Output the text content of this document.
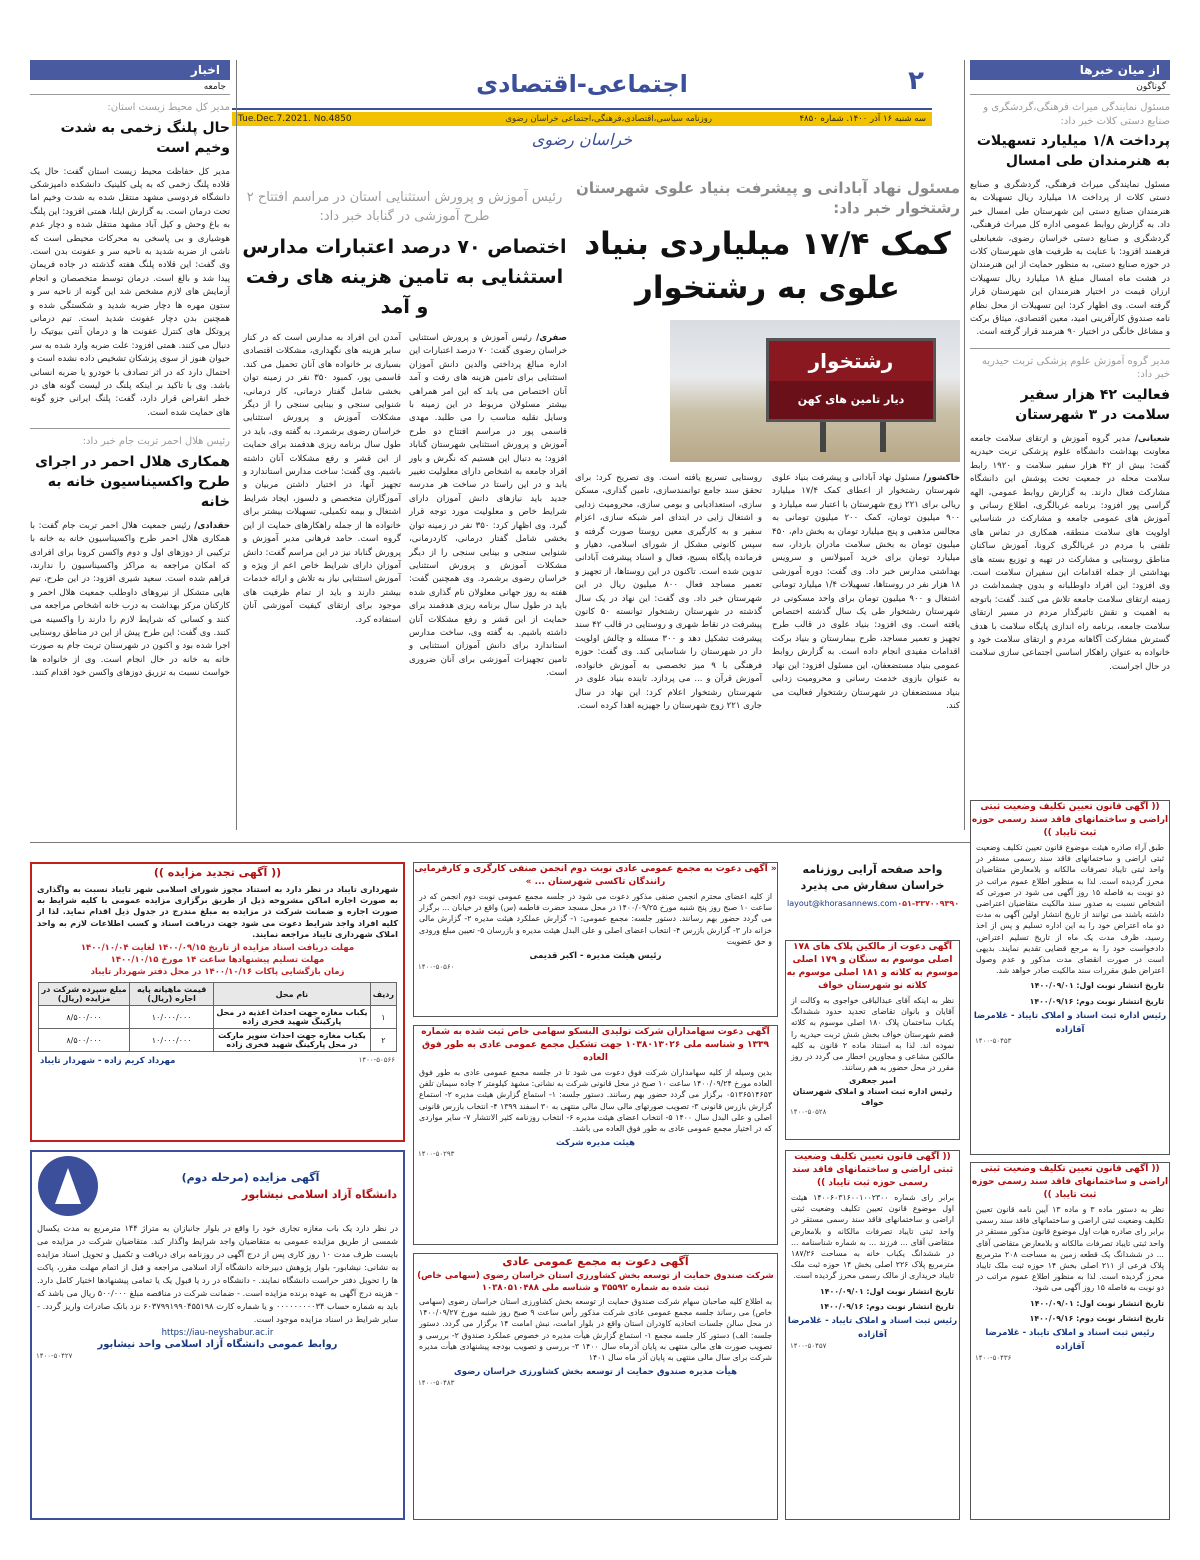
۲
اجتماعی-اقتصادی
سه شنبه ۱۶ آذر ۱۴۰۰. شماره ۴۸۵۰
روزنامه سیاسی،اقتصادی،فرهنگی،اجتماعی خراسان رضوی
Tue.Dec.7.2021. No.4850
خراسان رضوی
از میان خبر‌ها
گوناگون
مسئول نمایندگی میراث فرهنگی،گردشگری و صنایع دستی کلات خبر داد:
پرداخت ۱/۸ میلیارد تسهیلات به هنرمندان طی امسال
مسئول نمایندگی میراث فرهنگی، گردشگری و صنایع دستی کلات از پرداخت ۱۸ میلیارد ریال تسهیلات به هنرمندان صنایع دستی این شهرستان طی امسال خبر داد. به گزارش روابط عمومی اداره کل میراث فرهنگی، گردشگری و صنایع دستی خراسان رضوی، شعبانعلی فرهمند افزود: با عنایت به ظرفیت های شهرستان کلات در حوزه صنایع دستی، به منظور حمایت از این هنرمندان در هشت ماه امسال مبلغ ۱۸ میلیارد ریال تسهیلات ارزان قیمت در اختیار هنرمندان این شهرستان قرار گرفته است. وی اظهار کرد: این تسهیلات از محل نظام نامه صندوق کارآفرینی امید، معین اقتصادی، میثاق برکت و مشاغل خانگی در اختیار ۹۰ هنرمند قرار گرفته است.
مدیر گروه آموزش علوم پزشکی تربت حیدریه خبر داد:
فعالیت ۴۲ هزار سفیر سلامت در ۳ شهرستان
شعبانی/ مدیر گروه آموزش و ارتقای سلامت جامعه معاونت بهداشت دانشگاه علوم پزشکی تربت حیدریه گفت: بیش از ۴۲ هزار سفیر سلامت و ۱۹۲۰ رابط سلامت محله در جمعیت تحت پوشش این دانشگاه مشارکت فعال دارند. به گزارش روابط عمومی، الهه گراسی پور افزود: برنامه غربالگری، اطلاع رسانی و آموزش های عمومی جامعه و مشارکت در شناسایی اولویت های سلامت منطقه، همکاری در تماس های تلفنی با مردم در غربالگری کرونا، آموزش ساکنان مناطق روستایی و مشارکت در تهیه و توزیع بسته های بهداشتی از جمله اقدامات این سفیران سلامت است. وی افزود: این افراد داوطلبانه و بدون چشمداشت در زمینه ارتقای سلامت جامعه تلاش می کنند. گفت: باتوجه به اهمیت و نقش تاثیرگذار مردم در مسیر ارتقای سلامت جامعه، برنامه راه اندازی پایگاه سلامت با هدف گسترش مشارکت آگاهانه مردم و ارتقای سلامت خود و خانواده به عنوان راهکار اساسی اجتماعی سازی سلامت در حال اجراست.
مسئول نهاد آبادانی و پیشرفت بنیاد علوی شهرستان رشتخوار خبر داد:
کمک ۱۷/۴ میلیاردی بنیاد علوی به رشتخوار
رشتخوار
دیار تامین های کهن
خاکشور/ مسئول نهاد آبادانی و پیشرفت بنیاد علوی شهرستان رشتخوار از اعطای کمک ۱۷/۴ میلیارد ریالی برای ۲۲۱ زوج شهرستان با اعتبار سه میلیارد و ۹۰۰ میلیون تومان، کمک ۲۰۰ میلیون تومانی به مجالس مذهبی و پنج میلیارد تومان به بخش دام، ۴۵۰ میلیون تومان به بخش سلامت مادران باردار، سه میلیارد تومان برای خرید آمبولانس و سرویس بهداشتی مدارس خبر داد. وی گفت: دوره آموزشی ۱۸ هزار نفر در روستاها، تسهیلات ۱/۴ میلیارد تومانی اشتغال و ۹۰۰ میلیون تومان برای واحد مسکونی در شهرستان رشتخوار طی یک سال گذشته اختصاص یافته است. وی افزود: بنیاد علوی در قالب طرح تجهیز و تعمیر مساجد، طرح بیمارستان و بنیاد برکت اقدامات مفیدی انجام داده است. به گزارش روابط عمومی بنیاد مستضعفان، این مسئول افزود: این نهاد به عنوان بازوی خدمت رسانی و محرومیت زدایی بنیاد مستضعفان در شهرستان رشتخوار فعالیت می کند.
روستایی تسریع یافته است. وی تصریح کرد: برای تحقق سند جامع توانمندسازی، تامین گذاری، مسکن سازی، استعدادیابی و بومی سازی، محرومیت زدایی و اشتغال زایی در ابتدای امر شبکه سازی، اعزام سفیر و به کارگیری معین روستا صورت گرفته و سپس کانونی مشکل از شورای اسلامی، دهیار و فرمانده پایگاه بسیج، فعال و اسناد پیشرفت آبادانی تدوین شده است. تاکنون در این روستاها، از تجهیز و تعمیر مساجد فعال ۸۰۰ میلیون ریال در این شهرستان خبر داد. وی گفت: این نهاد در یک سال گذشته در شهرستان رشتخوار توانسته ۵۰ کانون پیشرفت در نقاط شهری و روستایی در قالب ۴۲ سند پیشرفت تشکیل دهد و ۳۰۰ مسئله و چالش اولویت دار در شهرستان را شناسایی کند. وی گفت: حوزه فرهنگی با ۹ میز تخصصی به آموزش خانواده، آموزش قرآن و ... می پردازد. تاینده بنیاد علوی در شهرستان رشتخوار اعلام کرد: این نهاد در سال جاری ۲۲۱ زوج شهرستان را جهیزیه اهدا کرده است.
رئیس آموزش و پرورش استثنایی استان در مراسم افتتاح ۲ طرح آموزشی در گناباد خبر داد:
اختصاص ۷۰ درصد اعتبارات مدارس استثنایی به تامین هزینه های رفت و آمد
صفری/ رئیس آموزش و پرورش استثنایی خراسان رضوی گفت: ۷۰ درصد اعتبارات این اداره مبالغ پرداختی والدین دانش آموزان استثنایی برای تامین هزینه های رفت و آمد آنان اختصاص می یابد که این امر همراهی بیشتر مسئولان مربوط در این زمینه با وسایل نقلیه مناسب را می طلبد. مهدی قاسمی پور در مراسم افتتاح دو طرح آموزش و پرورش استثنایی شهرستان گناباد افزود: به دنبال این هستیم که نگرش و باور افراد جامعه به اشخاص دارای معلولیت تغییر یابد و در این راستا در ساخت هر مدرسه جدید باید نیازهای دانش آموزان دارای شرایط خاص و معلولیت مورد توجه قرار گیرد. وی اظهار کرد: ۳۵۰ نفر در زمینه توان بخشی شامل گفتار درمانی، کاردرمانی، شنوایی سنجی و بینایی سنجی را از دیگر مشکلات آموزش و پرورش استثنایی خراسان رضوی برشمرد. وی همچنین گفت: هفته به روز جهانی معلولان نام گذاری شده باید در طول سال برنامه ریزی هدفمند برای حمایت از این قشر و رفع مشکلات آنان داشته باشیم. به گفته وی، ساخت مدارس استاندارد برای دانش آموزان استثنایی و تامین تجهیزات آموزشی برای آنان ضروری است.
آمدن این افراد به مدارس است که در کنار سایر هزینه های نگهداری، مشکلات اقتصادی بسیاری بر خانواده های آنان تحمیل می کند. قاسمی پور، کمبود ۳۵۰ نفر در زمینه توان بخشی شامل گفتار درمانی، کار درمانی، شنوایی سنجی و بینایی سنجی را از دیگر مشکلات آموزش و پرورش استثنایی خراسان رضوی برشمرد. به گفته وی، باید در طول سال برنامه ریزی هدفمند برای حمایت از این قشر و رفع مشکلات آنان داشته باشیم. وی گفت: ساخت مدارس استاندارد و تجهیز آنها، در اختیار داشتن مربیان و آموزگاران متخصص و دلسوز، ایجاد شرایط اشتغال و بیمه تکمیلی، تسهیلات بیشتر برای خانواده ها از جمله راهکارهای حمایت از این گروه است. حامد فرهانی مدیر آموزش و پرورش گناباد نیز در این مراسم گفت: دانش آموزان دارای شرایط خاص اعم از ویژه و آموزش استثنایی نیاز به تلاش و ارائه خدمات بیشتر دارند و باید از تمام ظرفیت های موجود برای ارتقای کیفیت آموزشی آنان استفاده کرد.
اخبار
جامعه
مدیر کل محیط زیست استان:
حال پلنگ زخمی به شدت وخیم است
مدیر کل حفاظت محیط زیست استان گفت: حال یک قلاده پلنگ زخمی که به پلی کلینیک دانشکده دامپزشکی دانشگاه فردوسی مشهد منتقل شده به شدت وخیم اما تحت درمان است. به گزارش ایلنا، همتی افزود: این پلنگ به باغ وحش و کیل آباد مشهد منتقل شده و دچار عدم هوشیاری و بی پاسخی به محرکات محیطی است که ناشی از ضربه شدید به ناحیه سر و عفونت بدن است. وی گفت: این قلاده پلنگ هفته گذشته در جاده فریمان پیدا شد و بالغ است. درمان توسط متخصصان و انجام آزمایش های لازم مشخص شد این گونه از ناحیه سر و ستون مهره ها دچار ضربه شدید و شکستگی شده و همچنین بدن دچار عفونت شدید است. تیم درمانی پروتکل های کنترل عفونت ها و درمان آنتی بیوتیک را دنبال می کنند. همتی افزود: علت ضربه وارد شده به سر حیوان هنوز از سوی پزشکان تشخیص داده نشده است و احتمال دارد که در اثر تصادف با خودرو یا ضربه انسانی باشد. وی با تاکید بر اینکه پلنگ در لیست گونه های در خطر انقراض قرار دارد، گفت: پلنگ ایرانی جزو گونه های حمایت شده است.
رئیس هلال احمر تربت جام خبر داد:
همکاری هلال احمر در اجرای طرح واکسیناسیون خانه به خانه
حقدادی/ رئیس جمعیت هلال احمر تربت جام گفت: با همکاری هلال احمر طرح واکسیناسیون خانه به خانه با ترکیبی از دوزهای اول و دوم واکسن کرونا برای افرادی که امکان مراجعه به مراکز واکسیناسیون را ندارند، فراهم شده است. سعید شیری افزود: در این طرح، تیم هایی متشکل از نیروهای داوطلب جمعیت هلال احمر و کارکنان مرکز بهداشت به درب خانه اشخاص مراجعه می کنند و کسانی که شرایط لازم را دارند را واکسینه می کنند. وی گفت: این طرح پیش از این در مناطق روستایی اجرا شده بود و اکنون در شهرستان تربت جام به صورت خانه به خانه در حال انجام است. وی از خانواده ها خواست نسبت به تزریق دوزهای واکسن خود اقدام کنند.
(( آگهی قانون تعیین تکلیف وضعیت ثبتی اراضی و ساختمانهای فاقد سند رسمی حوزه ثبت تایباد ))
طبق آراء صادره هیئت موضوع قانون تعیین تکلیف وضعیت ثبتی اراضی و ساختمانهای فاقد سند رسمی مستقر در واحد ثبتی تایباد تصرفات مالکانه و بلامعارض متقاضیان محرز گردیده است. لذا به منظور اطلاع عموم مراتب در دو نوبت به فاصله ۱۵ روز آگهی می شود در صورتی که اشخاص نسبت به صدور سند مالکیت متقاضیان اعتراضی داشته باشند می توانند از تاریخ انتشار اولین آگهی به مدت دو ماه اعتراض خود را به این اداره تسلیم و پس از اخذ رسید، ظرف مدت یک ماه از تاریخ تسلیم اعتراض، دادخواست خود را به مرجع قضایی تقدیم نمایند. بدیهی است در صورت انقضای مدت مذکور و عدم وصول اعتراض طبق مقررات سند مالکیت صادر خواهد شد.
تاریخ انتشار نوبت اول: ۱۴۰۰/۰۹/۰۱
تاریخ انتشار نوبت دوم: ۱۴۰۰/۰۹/۱۶
رئیس اداره ثبت اسناد و املاک تایباد - غلامرضا آقازاده
۱۴۰۰-۵۰۴۵۳
(( آگهی قانون تعیین تکلیف وضعیت ثبتی اراضی و ساختمانهای فاقد سند رسمی حوزه ثبت تایباد ))
برابر رای شماره ۱۴۰۰۶۰۳۱۶۰۰۱۰۰۲۳۰۰ هیئت اول موضوع قانون تعیین تکلیف وضعیت ثبتی اراضی و ساختمانهای فاقد سند رسمی مستقر در واحد ثبتی تایباد تصرفات مالکانه و بلامعارض متقاضی آقای ... فرزند ... به شماره شناسنامه ... در ششدانگ یکباب خانه به مساحت ۱۸۷/۲۶ مترمربع پلاک ۲۲۶ اصلی بخش ۱۴ حوزه ثبت ملک تایباد خریداری از مالک رسمی محرز گردیده است.
تاریخ انتشار نوبت اول: ۱۴۰۰/۰۹/۰۱
تاریخ انتشار نوبت دوم: ۱۴۰۰/۰۹/۱۶
رئیس ثبت اسناد و املاک تایباد - غلامرضا آقازاده
۱۴۰۰-۵۰۴۵۷
(( آگهی قانون تعیین تکلیف وضعیت ثبتی اراضی و ساختمانهای فاقد سند رسمی حوزه ثبت تایباد ))
نظر به دستور ماده ۳ و ماده ۱۳ آیین نامه قانون تعیین تکلیف وضعیت ثبتی اراضی و ساختمانهای فاقد سند رسمی برابر رای صادره هیات اول موضوع قانون مذکور مستقر در واحد ثبتی تایباد تصرفات مالکانه و بلامعارض متقاضی آقای ... در ششدانگ یک قطعه زمین به مساحت ۲۰۸ مترمربع پلاک فرعی از ۲۱۱ اصلی بخش ۱۴ حوزه ثبت ملک تایباد محرز گردیده است. لذا به منظور اطلاع عموم مراتب در دو نوبت به فاصله ۱۵ روز آگهی می شود.
تاریخ انتشار نوبت اول: ۱۴۰۰/۰۹/۰۱
تاریخ انتشار نوبت دوم: ۱۴۰۰/۰۹/۱۶
رئیس ثبت اسناد و املاک تایباد - غلامرضا آقازاده
۱۴۰۰-۵۰۴۳۶
واحد صفحه آرایی روزنامه خراسان سفارش می پذیرد
layout@khorasannews.com ۰۵۱-۳۳۷۰۰۹۳۹۰
آگهی دعوت از مالکین پلاک های ۱۷۸ اصلی موسوم به سنگان و ۱۷۹ اصلی موسوم به کلاته و ۱۸۱ اصلی موسوم به کلاته نو شهرستان خواف
نظر به اینکه آقای عبدالباقی خواجوی به وکالت از آقایان و بانوان تقاضای تحدید حدود ششدانگ یکباب ساختمان پلاک ۱۸۰ اصلی موسوم به کلاته قضم شهرستان خواف بخش شش تربت حیدریه را نموده اند. لذا به استناد ماده ۲ قانون به کلیه مالکین مشاعی و مجاورین اخطار می گردد در روز مقرر در محل حضور به هم رسانند.
امیر جعفری
رئیس اداره ثبت اسناد و املاک شهرستان خواف
۱۴۰۰-۵۰۵۲۸
« آگهی دعوت به مجمع عمومی عادی نوبت دوم انجمن صنفی کارگری و کارفرمایی رانندگان تاکسی شهرستان ... »
از کلیه اعضای محترم انجمن صنفی مذکور دعوت می شود در جلسه مجمع عمومی نوبت دوم انجمن که در ساعت ۱۰ صبح روز پنج شنبه مورخ ۱۴۰۰/۰۹/۲۵ در محل مسجد حضرت فاطمه (س) واقع در خیابان ... برگزار می گردد حضور بهم رسانند. دستور جلسه: مجمع عمومی: ۱- گزارش عملکرد هیئت مدیره ۲- گزارش مالی خزانه دار ۳- گزارش بازرس ۴- انتخاب اعضای اصلی و علی البدل هیئت مدیره و بازرسان ۵- تعیین مبلغ ورودی و حق عضویت
رئیس هیئت مدیره - اکبر قدیمی
۱۴۰۰-۵۰۵۶۰
آگهی دعوت سهامداران شرکت تولیدی البسکو سهامی خاص ثبت شده به شماره ۱۳۳۹ و شناسه ملی ۱۰۳۸۰۱۳۰۲۶ جهت تشکیل مجمع عمومی عادی به طور فوق العاده
بدین وسیله از کلیه سهامداران شرکت فوق دعوت می شود تا در جلسه مجمع عمومی عادی به طور فوق العاده مورخ ۱۴۰۰/۰۹/۲۴ ساعت ۱۰ صبح در محل قانونی شرکت به نشانی: مشهد کیلومتر ۲ جاده سیمان تلفن ۰۵۱۳۶۵۱۴۶۵۳ برگزار می گردد حضور بهم رسانند. دستور جلسه: ۱- استماع گزارش هیئت مدیره ۲- استماع گزارش بازرس قانونی ۳- تصویب صورتهای مالی سال مالی منتهی به ۳۰ اسفند ۱۳۹۹ ۴- انتخاب بازرس قانونی اصلی و علی البدل سال ۱۴۰۰ ۵- انتخاب اعضای هیئت مدیره ۶- انتخاب روزنامه کثیر الانتشار ۷- سایر مواردی که در اختیار مجمع عمومی عادی به طور فوق العاده می باشد.
هیئت مدیره شرکت
۱۴۰۰-۵۰۲۹۳
آگهی دعوت به مجمع عمومی عادی
شرکت صندوق حمایت از توسعه بخش کشاورزی استان خراسان رضوی (سهامی خاص) ثبت شده به شماره ۳۵۵۹۲ و شناسه ملی ۱۰۳۸۰۵۱۰۴۸۸
به اطلاع کلیه صاحبان سهام شرکت صندوق حمایت از توسعه بخش کشاورزی استان خراسان رضوی (سهامی خاص) می رساند جلسه مجمع عمومی عادی شرکت مذکور رأس ساعت ۹ صبح روز شنبه مورخ ۱۴۰۰/۰۹/۲۷ در محل سالن جلسات اتحادیه کاودران استان واقع در بلوار امامت، نبش امامت ۱۴ برگزار می گردد. دستور جلسه: الف) دستور کار جلسه مجمع ۱- استماع گزارش هیأت مدیره در خصوص عملکرد صندوق ۲- بررسی و تصویب صورت های مالی منتهی به پایان آذرماه سال ۱۴۰۰ ۳- بررسی و تصویب بودجه پیشنهادی هیأت مدیره شرکت برای سال مالی منتهی به پایان آذر ماه سال ۱۴۰۱
هیأت مدیره صندوق حمایت از توسعه بخش کشاورزی خراسان رضوی
۱۴۰۰-۵۰۴۸۳
(( آگهی تجدید مزایده ))
شهرداری تایباد در نظر دارد به استناد مجوز شورای اسلامی شهر تایباد نسبت به واگذاری به صورت اجاره اماکن مشروحه ذیل از طریق برگزاری مزایده عمومی با کلیه شرایط به صورت اجاره و ضمانت شرکت در مزایده به مبلغ مندرج در جدول ذیل اقدام نماید. لذا از کلیه افراد واجد شرایط دعوت می شود جهت دریافت اسناد و کسب اطلاعات لازم به واحد املاک شهرداری تایباد مراجعه نمایند.
مهلت دریافت اسناد مزایده از تاریخ ۱۴۰۰/۰۹/۱۵ لغایت ۱۴۰۰/۱۰/۰۴
مهلت تسلیم پیشنهادها ساعت ۱۴ مورخ ۱۴۰۰/۱۰/۱۵
زمان بازگشایی پاکات ۱۴۰۰/۱۰/۱۶ در محل دفتر شهردار تایباد
ردیف	نام محل	قیمت ماهیانه پایه اجاره (ریال)	مبلغ سپرده شرکت در مزایده (ریال)
۱	یکباب مغازه جهت احداث اغذیه در محل پارکینگ شهید فخری زاده	۱۰/۰۰۰/۰۰۰	۸/۵۰۰/۰۰۰
۲	یکباب مغازه جهت احداث سوپر مارکت در محل پارکینگ شهید فخری زاده	۱۰/۰۰۰/۰۰۰	۸/۵۰۰/۰۰۰
۱۴۰۰-۵۰۵۶۶
مهرداد کریم زاده - شهردار تایباد
آگهی مزایده (مرحله دوم)
دانشگاه آزاد اسلامی نیشابور
در نظر دارد یک باب مغازه تجاری خود را واقع در بلوار جانبازان به متراژ ۱۴۴ مترمربع به مدت یکسال شمسی از طریق مزایده عمومی به متقاضیان واجد شرایط واگذار کند. متقاضیان شرکت در مزایده می بایست ظرف مدت ۱۰ روز کاری پس از درج آگهی در روزنامه برای دریافت و تکمیل و تحویل اسناد مزایده به نشانی: نیشابور- بلوار پژوهش دبیرخانه دانشگاه آزاد اسلامی مراجعه و قبل از اتمام مهلت مقرر، پاکت ها را تحویل دفتر حراست دانشگاه نمایند. - دانشگاه در رد یا قبول یک یا تمامی پیشنهادها اختیار کامل دارد. - هزینه درج آگهی به عهده برنده مزایده است. - ضمانت شرکت در مناقصه مبلغ ۵۰۰/۰۰۰ ریال می باشد که باید به شماره حساب ۰۰۰۰۰۰۰۰۰۳۴ و یا شماره کارت ۶۰۳۷۹۹۱۹۹۰۴۵۵۱۹۸ نزد بانک صادرات واریز گردد. - سایر شرایط در اسناد مزایده موجود است.
https://iau-neyshabur.ac.ir
روابط عمومی دانشگاه آزاد اسلامی واحد نیشابور
۱۴۰۰-۵۰۴۲۷
